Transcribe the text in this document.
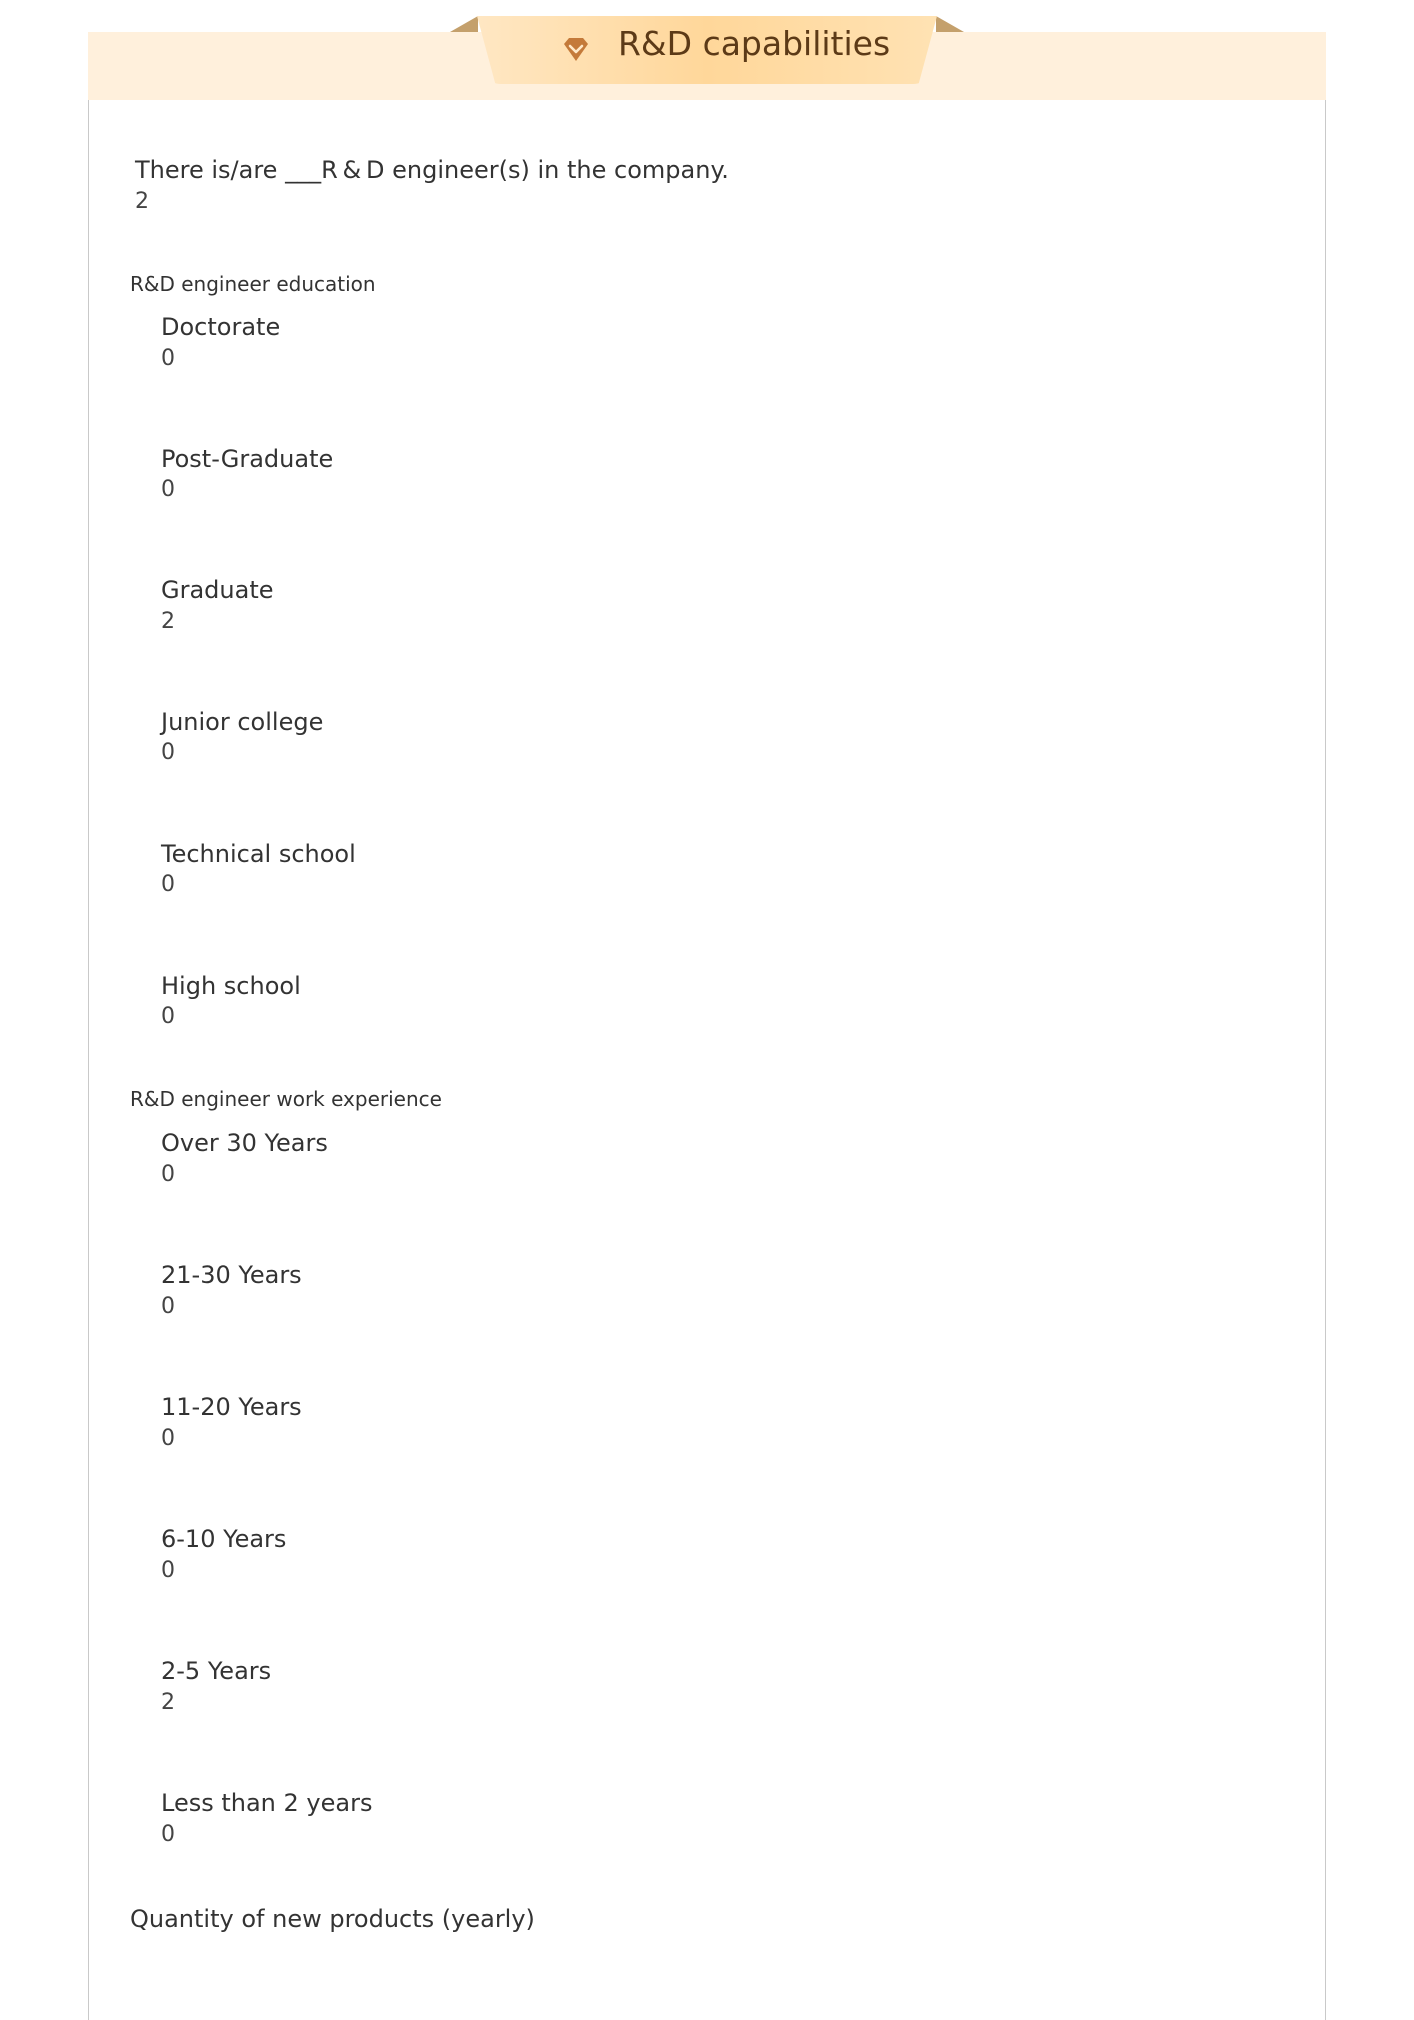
R&D capabilities
There is/are ___R & D engineer(s) in the company.
2
R&D engineer education
Doctorate
0
Post-Graduate
0
Graduate
2
Junior college
0
Technical school
0
High school
0
R&D engineer work experience
Over 30 Years
0
21-30 Years
0
11-20 Years
0
6-10 Years
0
2-5 Years
2
Less than 2 years
0
Quantity of new products (yearly)
